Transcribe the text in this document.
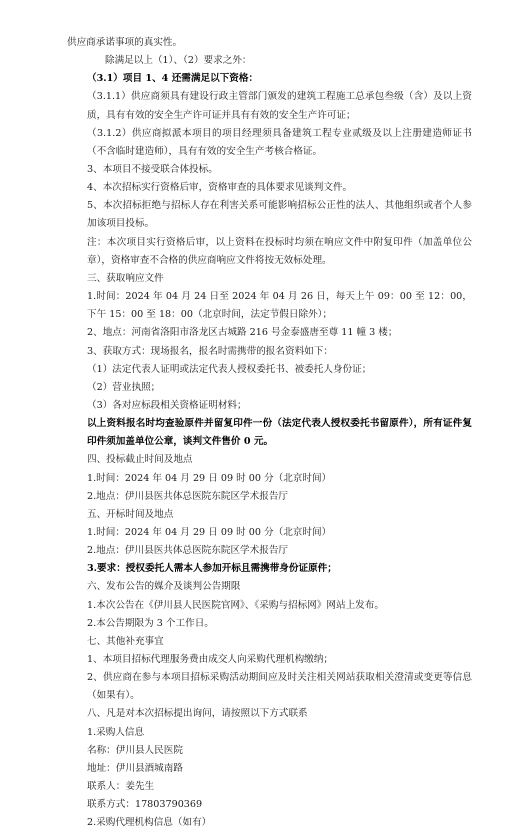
供应商承诺事项的真实性。
除满足以上（1）、（2）要求之外：
（3.1）项目 1、4 还需满足以下资格：
（3.1.1）供应商须具有建设行政主管部门颁发的建筑工程施工总承包叁级（含）及以上资质，具有有效的安全生产许可证并具有有效的安全生产许可证；
（3.1.2）供应商拟派本项目的项目经理须具备建筑工程专业贰级及以上注册建造师证书（不含临时建造师），具有有效的安全生产考核合格证。
3、本项目不接受联合体投标。
4、本次招标实行资格后审，资格审查的具体要求见谈判文件。
5、本次招标拒绝与招标人存在利害关系可能影响招标公正性的法人、其他组织或者个人参加该项目投标。
注：本次项目实行资格后审，以上资料在投标时均须在响应文件中附复印件（加盖单位公章），资格审查不合格的供应商响应文件将按无效标处理。
三、获取响应文件
1.时间：2024 年 04 月 24 日至 2024 年 04 月 26 日，每天上午 09：00 至 12：00，下午 15：00 至 18：00（北京时间，法定节假日除外）；
2、地点：河南省洛阳市洛龙区古城路 216 号金泰盛唐至尊 11 幢 3 楼；
3、获取方式：现场报名，报名时需携带的报名资料如下：
（1）法定代表人证明或法定代表人授权委托书、被委托人身份证；
（2）营业执照；
（3）各对应标段相关资格证明材料；
以上资料报名时均查验原件并留复印件一份（法定代表人授权委托书留原件），所有证件复印件须加盖单位公章，谈判文件售价 0 元。
四、投标截止时间及地点
1.时间：2024 年 04 月 29 日 09 时 00 分（北京时间）
2.地点：伊川县医共体总医院东院区学术报告厅
五、开标时间及地点
1.时间：2024 年 04 月 29 日 09 时 00 分（北京时间）
2.地点：伊川县医共体总医院东院区学术报告厅
3.要求：授权委托人需本人参加开标且需携带身份证原件；
六、发布公告的媒介及谈判公告期限
1.本次公告在《伊川县人民医院官网》、《采购与招标网》网站上发布。
2.本公告期限为 3 个工作日。
七、其他补充事宜
1、本项目招标代理服务费由成交人向采购代理机构缴纳；
2、供应商在参与本项目招标采购活动期间应及时关注相关网站获取相关澄清或变更等信息（如果有）。
八、凡是对本次招标提出询问，请按照以下方式联系
1.采购人信息
名称：伊川县人民医院
地址：伊川县酒城南路
联系人：姜先生
联系方式：17803790369
2.采购代理机构信息（如有）
